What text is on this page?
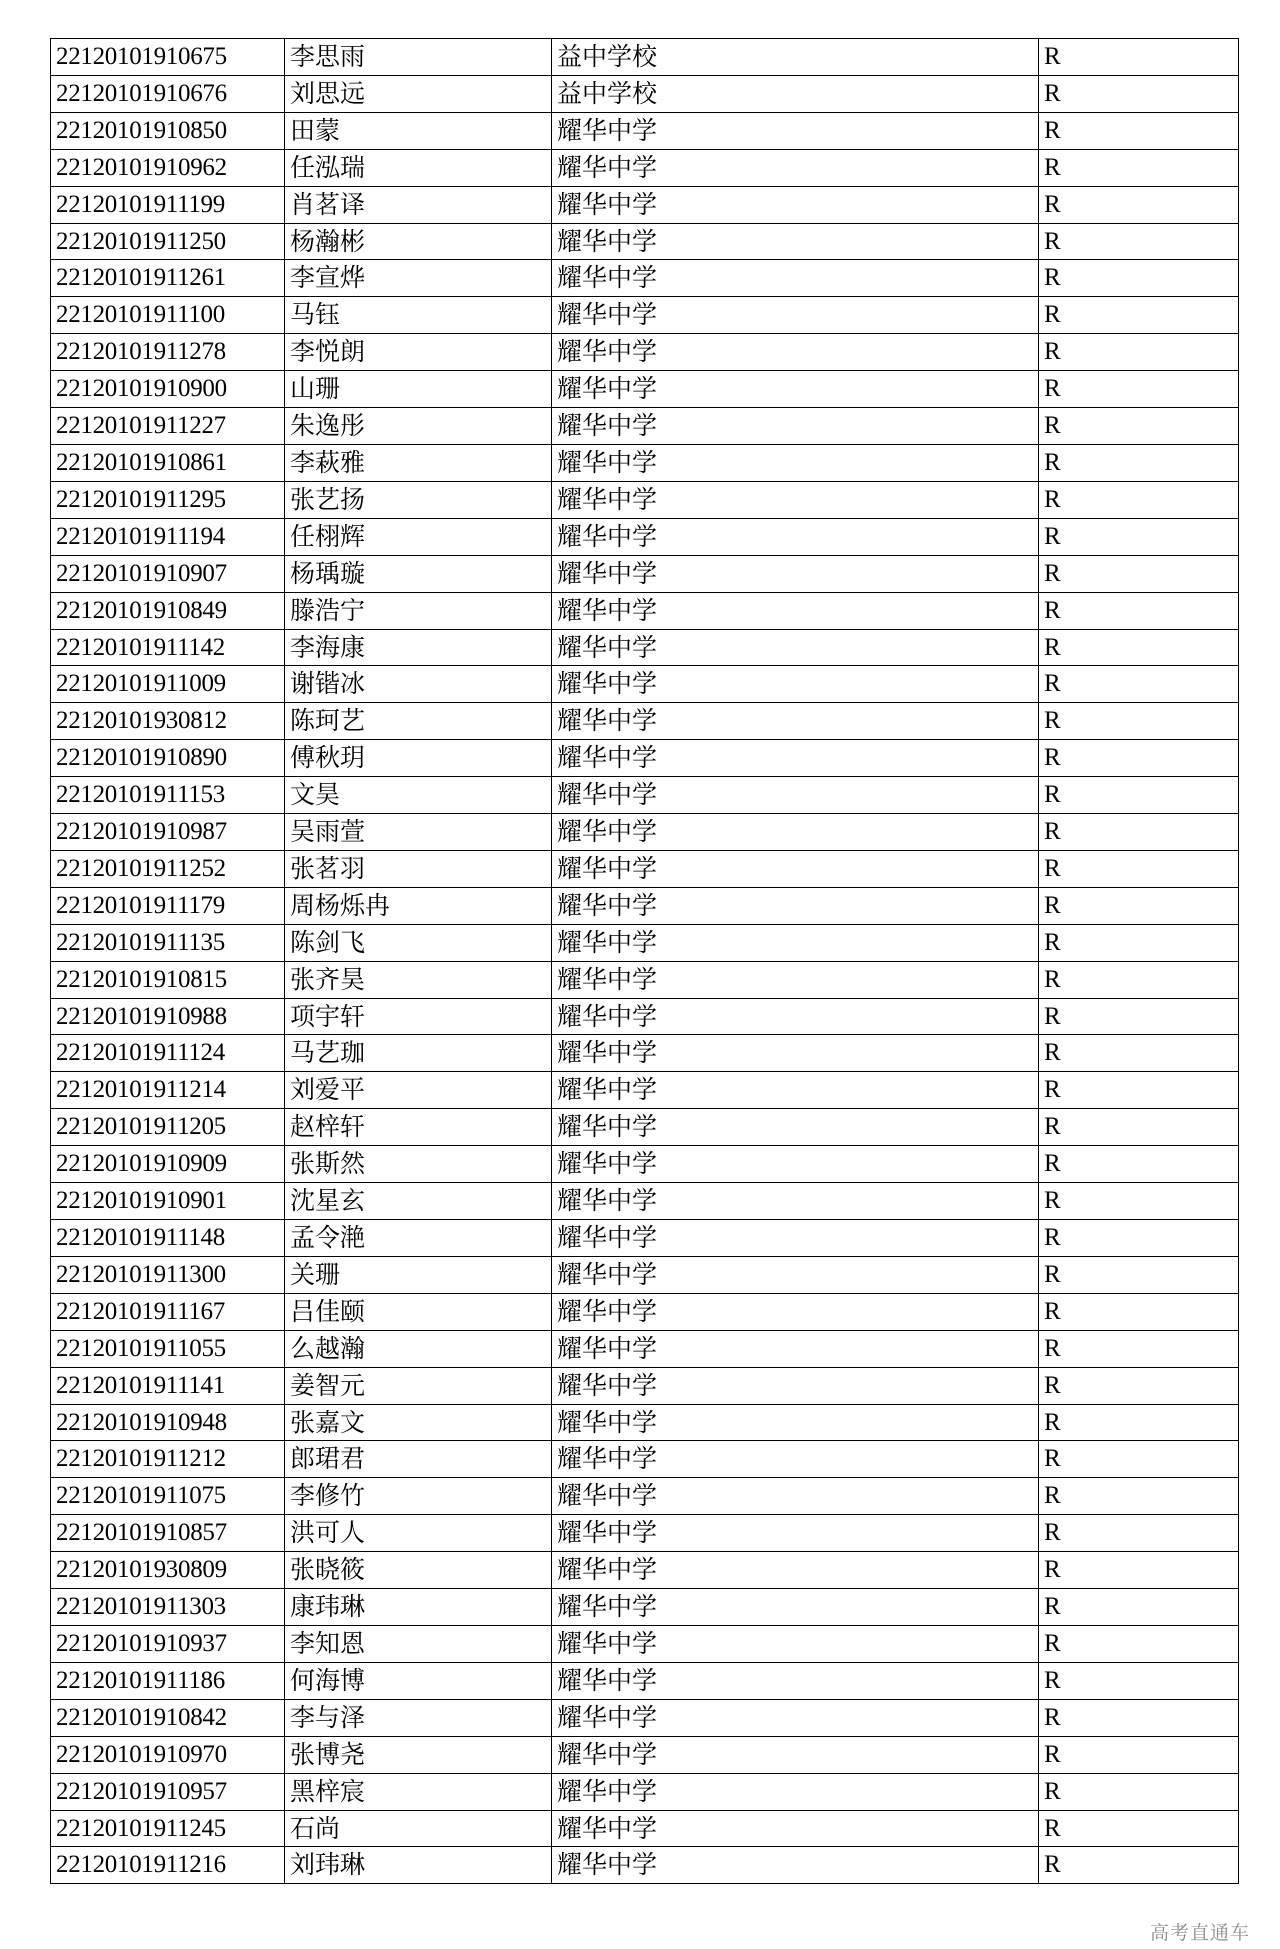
22120101910675	李思雨	益中学校	R
22120101910676	刘思远	益中学校	R
22120101910850	田蒙	耀华中学	R
22120101910962	任泓瑞	耀华中学	R
22120101911199	肖茗译	耀华中学	R
22120101911250	杨瀚彬	耀华中学	R
22120101911261	李宣烨	耀华中学	R
22120101911100	马钰	耀华中学	R
22120101911278	李悦朗	耀华中学	R
22120101910900	山珊	耀华中学	R
22120101911227	朱逸彤	耀华中学	R
22120101910861	李萩雅	耀华中学	R
22120101911295	张艺扬	耀华中学	R
22120101911194	任栩辉	耀华中学	R
22120101910907	杨瑀璇	耀华中学	R
22120101910849	滕浩宁	耀华中学	R
22120101911142	李海康	耀华中学	R
22120101911009	谢锴冰	耀华中学	R
22120101930812	陈珂艺	耀华中学	R
22120101910890	傅秋玥	耀华中学	R
22120101911153	文昊	耀华中学	R
22120101910987	吴雨萱	耀华中学	R
22120101911252	张茗羽	耀华中学	R
22120101911179	周杨烁冉	耀华中学	R
22120101911135	陈剑飞	耀华中学	R
22120101910815	张齐昊	耀华中学	R
22120101910988	项宇轩	耀华中学	R
22120101911124	马艺珈	耀华中学	R
22120101911214	刘爱平	耀华中学	R
22120101911205	赵梓轩	耀华中学	R
22120101910909	张斯然	耀华中学	R
22120101910901	沈星玄	耀华中学	R
22120101911148	孟令滟	耀华中学	R
22120101911300	关珊	耀华中学	R
22120101911167	吕佳颐	耀华中学	R
22120101911055	么越瀚	耀华中学	R
22120101911141	姜智元	耀华中学	R
22120101910948	张嘉文	耀华中学	R
22120101911212	郎珺君	耀华中学	R
22120101911075	李修竹	耀华中学	R
22120101910857	洪可人	耀华中学	R
22120101930809	张晓筱	耀华中学	R
22120101911303	康玮琳	耀华中学	R
22120101910937	李知恩	耀华中学	R
22120101911186	何海博	耀华中学	R
22120101910842	李与泽	耀华中学	R
22120101910970	张博尧	耀华中学	R
22120101910957	黑梓宸	耀华中学	R
22120101911245	石尚	耀华中学	R
22120101911216	刘玮琳	耀华中学	R
高考直通车
